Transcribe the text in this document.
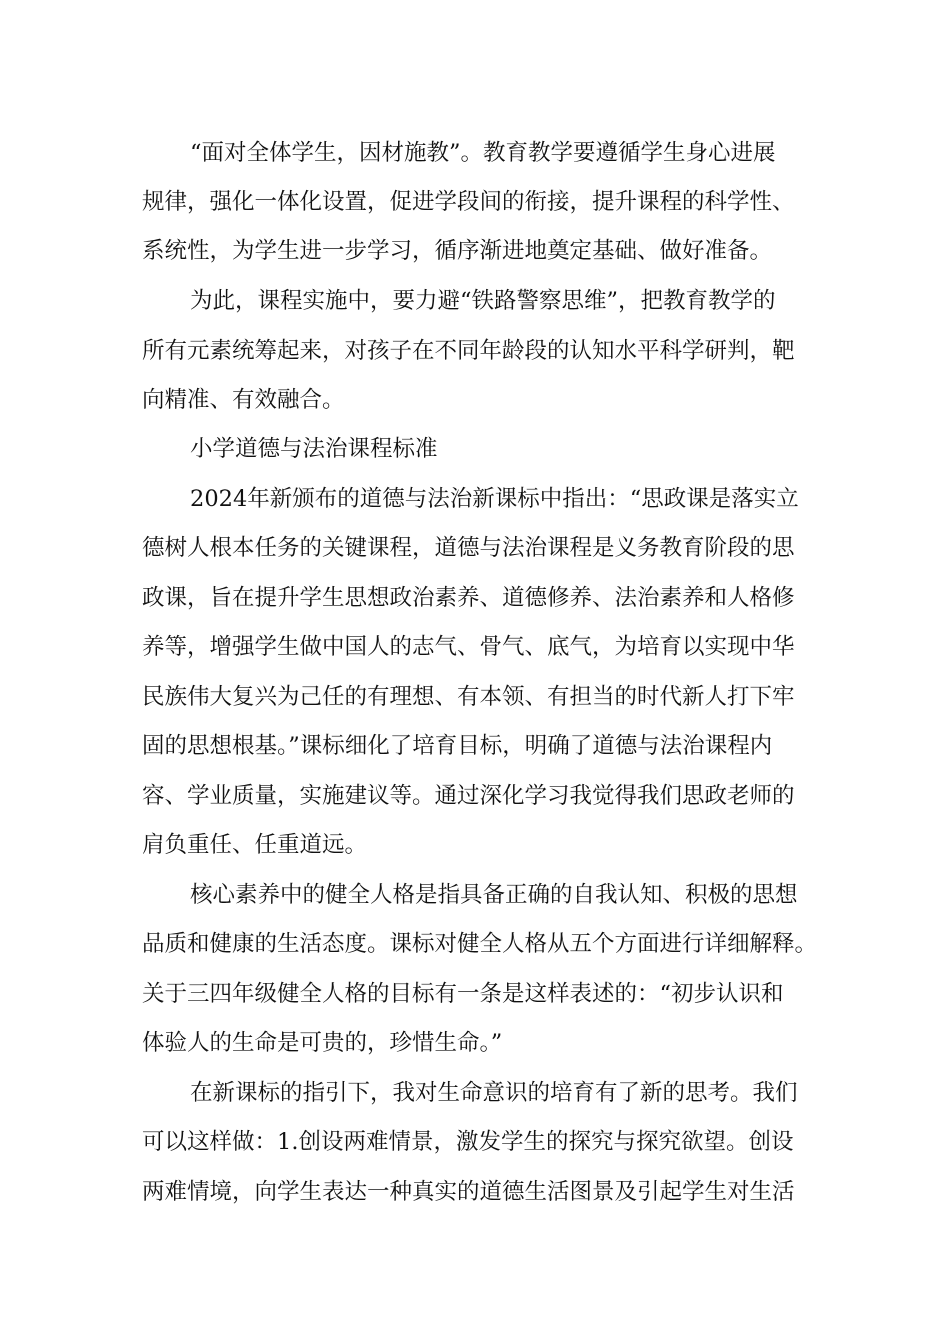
“面对全体学生，因材施教”。教育教学要遵循学生身心进展
规律，强化一体化设置，促进学段间的衔接，提升课程的科学性、
系统性，为学生进一步学习，循序渐进地奠定基础、做好准备。
为此，课程实施中，要力避“铁路警察思维”，把教育教学的
所有元素统筹起来，对孩子在不同年龄段的认知水平科学研判，靶
向精准、有效融合。
小学道德与法治课程标准
2024年新颁布的道德与法治新课标中指出：“思政课是落实立
德树人根本任务的关键课程，道德与法治课程是义务教育阶段的思
政课，旨在提升学生思想政治素养、道德修养、法治素养和人格修
养等，增强学生做中国人的志气、骨气、底气，为培育以实现中华
民族伟大复兴为己任的有理想、有本领、有担当的时代新人打下牢
固的思想根基。”课标细化了培育目标，明确了道德与法治课程内
容、学业质量，实施建议等。通过深化学习我觉得我们思政老师的
肩负重任、任重道远。
核心素养中的健全人格是指具备正确的自我认知、积极的思想
品质和健康的生活态度。课标对健全人格从五个方面进行详细解释。
关于三四年级健全人格的目标有一条是这样表述的：“初步认识和
体验人的生命是可贵的，珍惜生命。”
在新课标的指引下，我对生命意识的培育有了新的思考。我们
可以这样做：1.创设两难情景，激发学生的探究与探究欲望。创设
两难情境，向学生表达一种真实的道德生活图景及引起学生对生活
